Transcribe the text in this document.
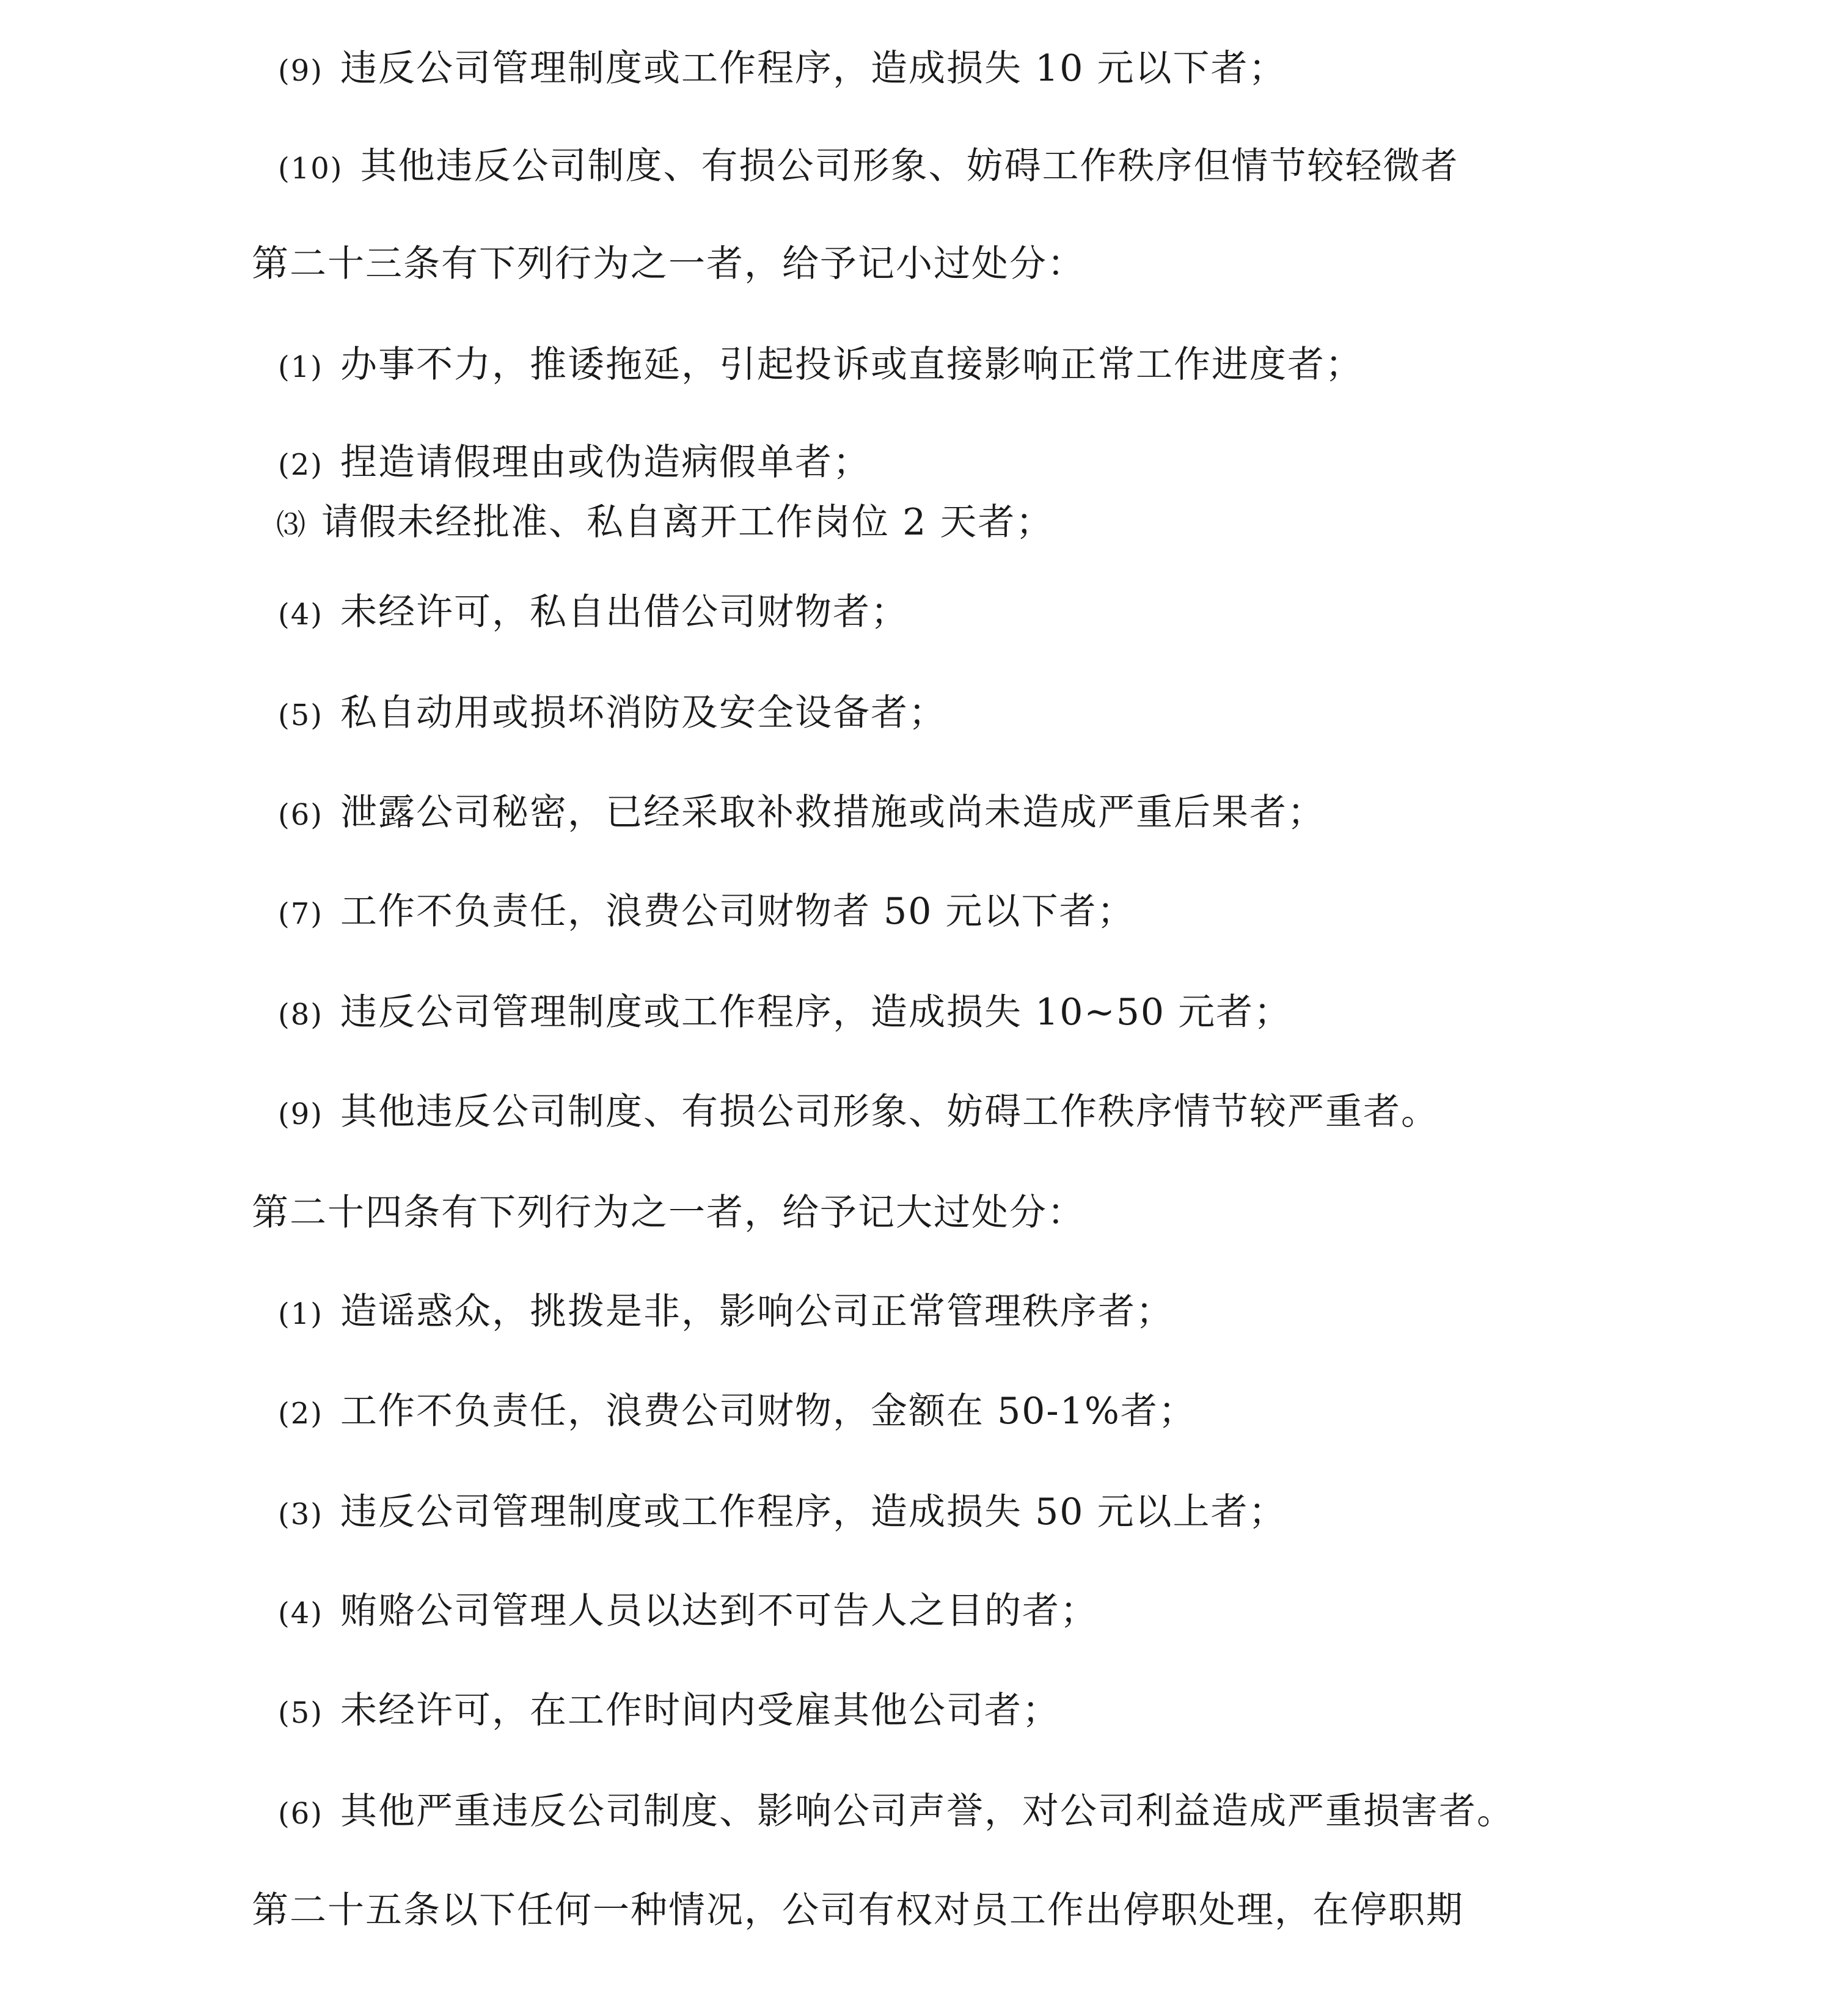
(9) 违反公司管理制度或工作程序，造成损失 10 元以下者；
(10) 其他违反公司制度、有损公司形象、妨碍工作秩序但情节较轻微者
第二十三条有下列行为之一者，给予记小过处分：
(1) 办事不力，推诿拖延，引起投诉或直接影响正常工作进度者；
(2) 捏造请假理由或伪造病假单者；
⑶ 请假未经批准、私自离开工作岗位 2 天者；
(4) 未经许可，私自出借公司财物者；
(5) 私自动用或损坏消防及安全设备者；
(6) 泄露公司秘密，已经采取补救措施或尚未造成严重后果者；
(7) 工作不负责任，浪费公司财物者 50 元以下者；
(8) 违反公司管理制度或工作程序，造成损失 10~50 元者；
(9) 其他违反公司制度、有损公司形象、妨碍工作秩序情节较严重者。
第二十四条有下列行为之一者，给予记大过处分：
(1) 造谣惑众，挑拨是非，影响公司正常管理秩序者；
(2) 工作不负责任，浪费公司财物，金额在 50-1%者；
(3) 违反公司管理制度或工作程序，造成损失 50 元以上者；
(4) 贿赂公司管理人员以达到不可告人之目的者；
(5) 未经许可，在工作时间内受雇其他公司者；
(6) 其他严重违反公司制度、影响公司声誉，对公司利益造成严重损害者。
第二十五条以下任何一种情况，公司有权对员工作出停职处理，在停职期
